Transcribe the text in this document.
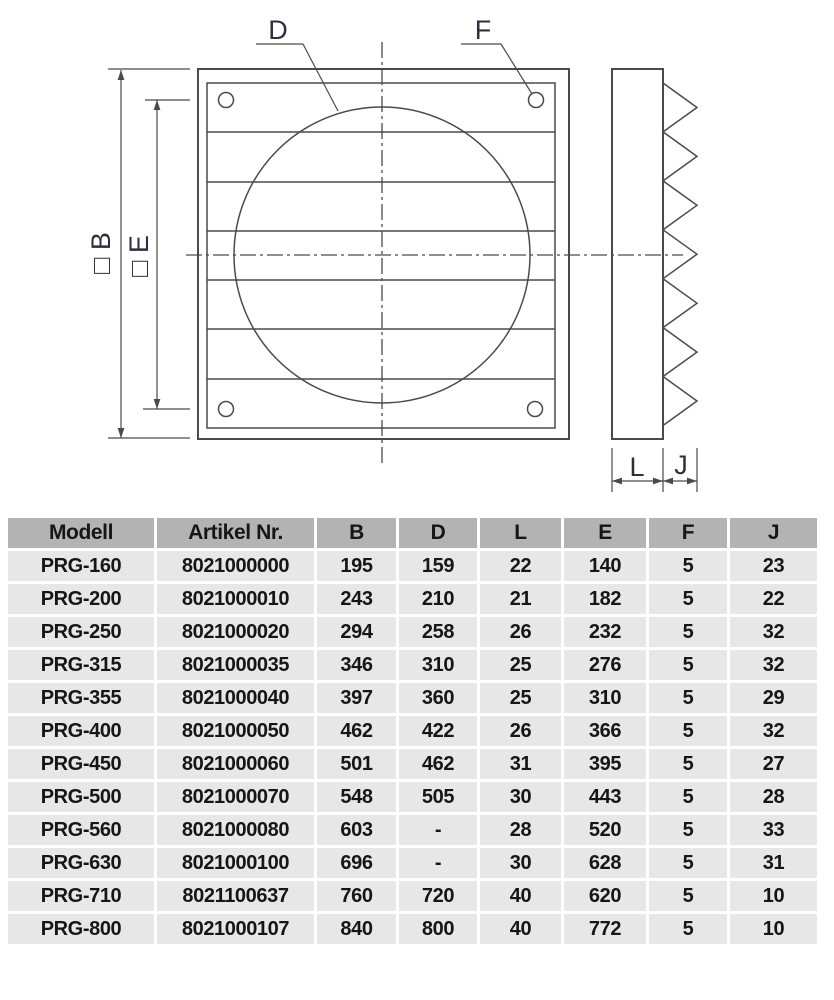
□ B □ E
D	F
L J
Modell	Artikel Nr.	B	D	L	E	F	J
PRG-160	8021000000	195	159	22	140	5	23
PRG-200	8021000010	243	210	21	182	5	22
PRG-250	8021000020	294	258	26	232	5	32
PRG-315	8021000035	346	310	25	276	5	32
PRG-355	8021000040	397	360	25	310	5	29
PRG-400	8021000050	462	422	26	366	5	32
PRG-450	8021000060	501	462	31	395	5	27
PRG-500	8021000070	548	505	30	443	5	28
PRG-560	8021000080	603	-	28	520	5	33
PRG-630	8021000100	696	-	30	628	5	31
PRG-710	8021100637	760	720	40	620	5	10
PRG-800	8021000107	840	800	40	772	5	10
